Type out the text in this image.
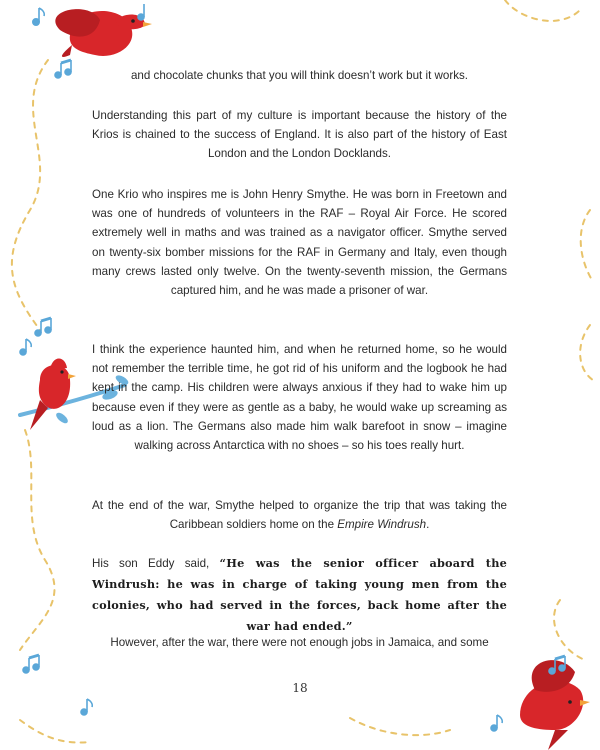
and chocolate chunks that you will think doesn’t work but it works.

Understanding this part of my culture is important because the history of the Krios is chained to the success of England. It is also part of the history of East London and the London Docklands.

One Krio who inspires me is John Henry Smythe. He was born in Freetown and was one of hundreds of volunteers in the RAF – Royal Air Force. He scored extremely well in maths and was trained as a navigator officer. Smythe served on twenty-six bomber missions for the RAF in Germany and Italy, even though many crews lasted only twelve. On the twenty-seventh mission, the Germans captured him, and he was made a prisoner of war.

I think the experience haunted him, and when he returned home, so he would not remember the terrible time, he got rid of his uniform and the logbook he had kept in the camp. His children were always anxious if they had to wake him up because even if they were as gentle as a baby, he would wake up screaming as loud as a lion. The Germans also made him walk barefoot in snow – imagine walking across Antarctica with no shoes – so his toes really hurt.

At the end of the war, Smythe helped to organize the trip that was taking the Caribbean soldiers home on the Empire Windrush.

His son Eddy said, “He was the senior officer aboard the Windrush: he was in charge of taking young men from the colonies, who had served in the forces, back home after the war had ended.”

However, after the war, there were not enough jobs in Jamaica, and some

18
